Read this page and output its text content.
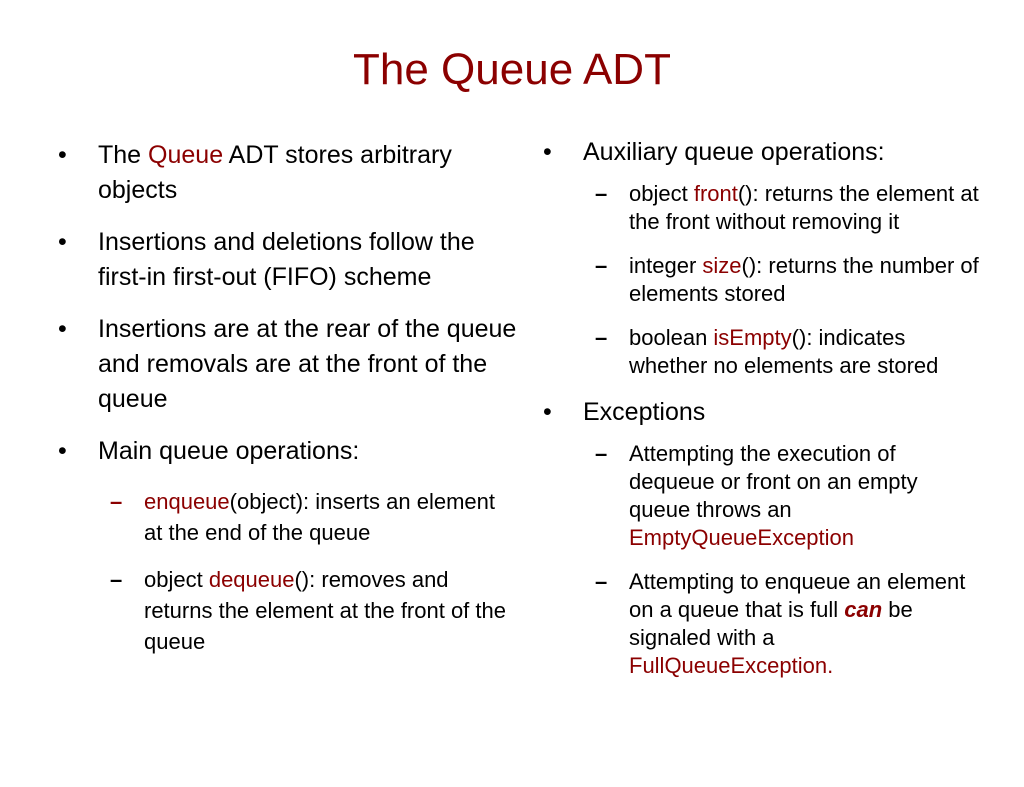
The Queue ADT
• The Queue ADT stores arbitrary objects
• Insertions and deletions follow the first-in first-out (FIFO) scheme
• Insertions are at the rear of the queue and removals are at the front of the queue
• Main queue operations:
– enqueue(object): inserts an element at the end of the queue
– object dequeue(): removes and returns the element at the front of the queue
• Auxiliary queue operations:
– object front(): returns the element at the front without removing it
– integer size(): returns the number of elements stored
– boolean isEmpty(): indicates whether no elements are stored
• Exceptions
– Attempting the execution of dequeue or front on an empty queue throws an EmptyQueueException
– Attempting to enqueue an element on a queue that is full can be signaled with a FullQueueException.
